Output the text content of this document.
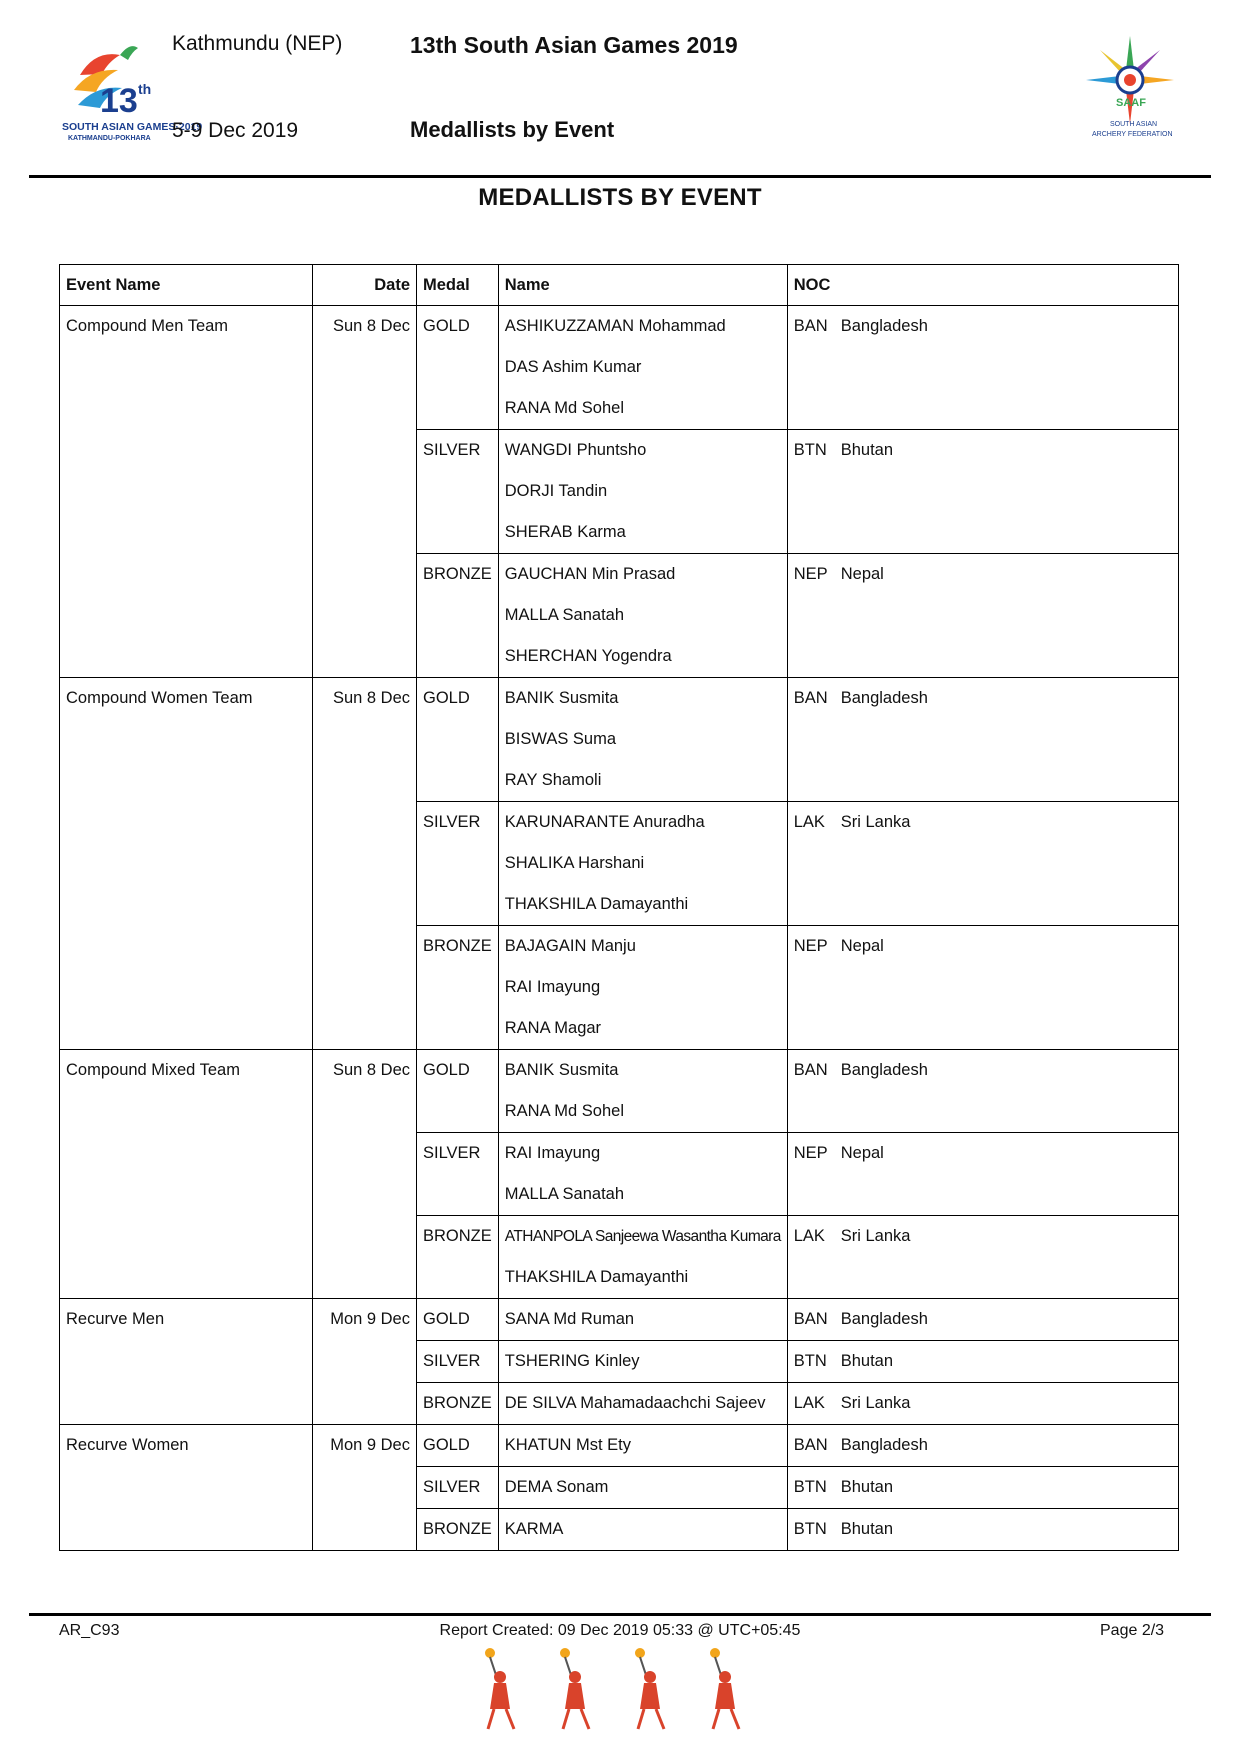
13 th
SOUTH ASIAN GAMES·2019
KATHMANDU-POKHARA
Kathmundu (NEP)
5-9 Dec 2019
13th South Asian Games 2019
Medallists by Event
SAAF
SOUTH ASIAN
ARCHERY FEDERATION
MEDALLISTS BY EVENT
Event Name	Date	Medal	Name	NOC

Compound Men Team	Sun 8 Dec	GOLD	ASHIKUZZAMAN Mohammad
DAS Ashim Kumar
RANA Md Sohel	BAN Bangladesh

		SILVER	WANGDI Phuntsho
DORJI Tandin
SHERAB Karma	BTN Bhutan

		BRONZE	GAUCHAN Min Prasad
MALLA Sanatah
SHERCHAN Yogendra	NEP Nepal

Compound Women Team	Sun 8 Dec	GOLD	BANIK Susmita
BISWAS Suma
RAY Shamoli	BAN Bangladesh

		SILVER	KARUNARANTE Anuradha
SHALIKA Harshani
THAKSHILA Damayanthi	LAK Sri Lanka

		BRONZE	BAJAGAIN Manju
RAI Imayung
RANA Magar	NEP Nepal

Compound Mixed Team	Sun 8 Dec	GOLD	BANIK Susmita
RANA Md Sohel	BAN Bangladesh

		SILVER	RAI Imayung
MALLA Sanatah	NEP Nepal

		BRONZE	ATHANPOLA Sanjeewa Wasantha Kumara
THAKSHILA Damayanthi	LAK Sri Lanka

Recurve Men	Mon 9 Dec	GOLD	SANA Md Ruman	BAN Bangladesh

		SILVER	TSHERING Kinley	BTN Bhutan

		BRONZE	DE SILVA Mahamadaachchi Sajeev	LAK Sri Lanka

Recurve Women	Mon 9 Dec	GOLD	KHATUN Mst Ety	BAN Bangladesh

		SILVER	DEMA Sonam	BTN Bhutan

		BRONZE	KARMA	BTN Bhutan
AR_C93	Report Created: 09 Dec 2019 05:33 @ UTC+05:45	Page 2/3
